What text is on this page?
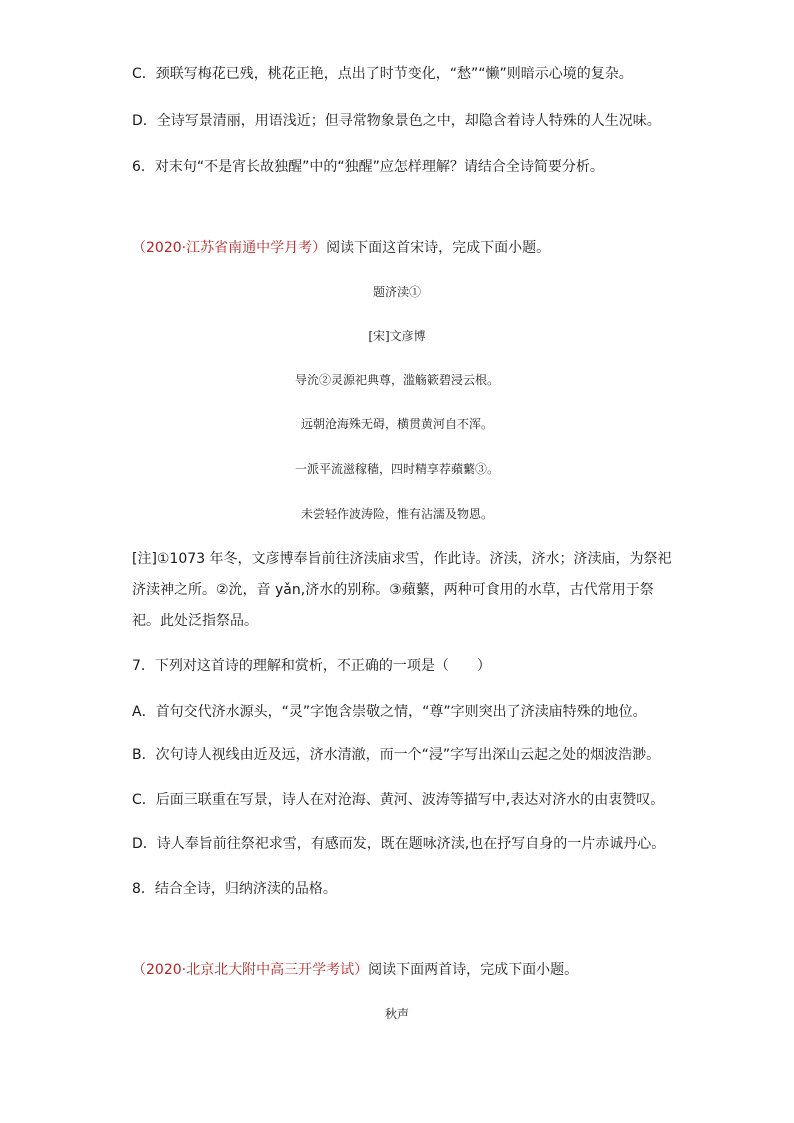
C．颈联写梅花已残，桃花正艳，点出了时节变化，“愁”“懒”则暗示心境的复杂。
D．全诗写景清丽，用语浅近；但寻常物象景色之中，却隐含着诗人特殊的人生况味。
6．对末句“不是宵长故独醒”中的“独醒”应怎样理解？请结合全诗简要分析。
（2020·江苏省南通中学月考）阅读下面这首宋诗，完成下面小题。
题济渎①
[宋]文彦博
导沇②灵源祀典尊，滥觞簌碧浸云根。
远朝沧海殊无碍，横贯黄河自不浑。
一派平流滋稼穑，四时精享荐蘋蘩③。
未尝轻作波涛险，惟有沾濡及物恩。
[注]①1073 年冬，文彦博奉旨前往济渎庙求雪，作此诗。济渎，济水；济渎庙，为祭祀济渎神之所。②沇，音 yǎn,济水的别称。③蘋蘩，两种可食用的水草，古代常用于祭祀。此处泛指祭品。
7．下列对这首诗的理解和赏析，不正确的一项是（　　）
A．首句交代济水源头，“灵”字饱含崇敬之情，“尊”字则突出了济渎庙特殊的地位。
B．次句诗人视线由近及远，济水清澈，而一个“浸”字写出深山云起之处的烟波浩渺。
C．后面三联重在写景，诗人在对沧海、黄河、波涛等描写中,表达对济水的由衷赞叹。
D．诗人奉旨前往祭祀求雪，有感而发，既在题咏济渎,也在抒写自身的一片赤诚丹心。
8．结合全诗，归纳济渎的品格。
（2020·北京北大附中高三开学考试）阅读下面两首诗，完成下面小题。
秋声
